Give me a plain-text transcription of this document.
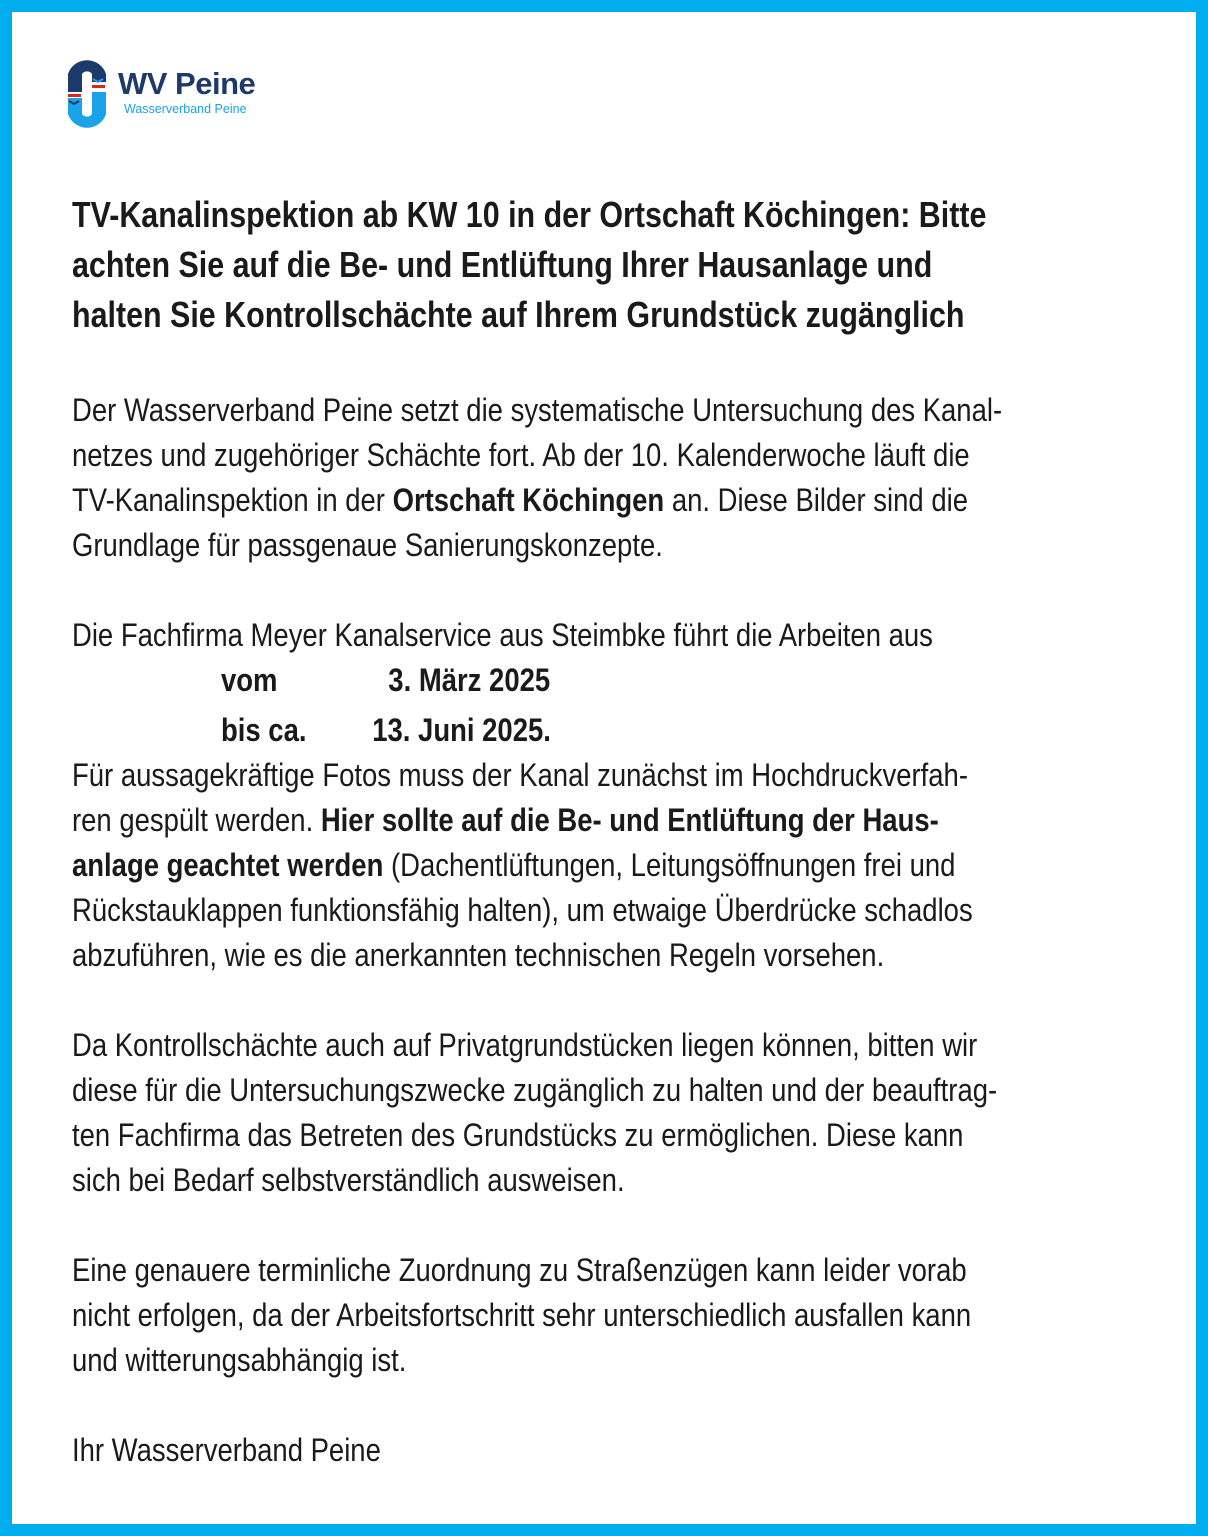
WV Peine
Wasserverband Peine
TV-Kanalinspektion ab KW 10 in der Ortschaft Köchingen: Bitte
achten Sie auf die Be- und Entlüftung Ihrer Hausanlage und
halten Sie Kontrollschächte auf Ihrem Grundstück zugänglich
Der Wasserverband Peine setzt die systematische Untersuchung des Kanal-
netzes und zugehöriger Schächte fort. Ab der 10. Kalenderwoche läuft die
TV-Kanalinspektion in der Ortschaft Köchingen an. Diese Bilder sind die
Grundlage für passgenaue Sanierungskonzepte.
Die Fachfirma Meyer Kanalservice aus Steimbke führt die Arbeiten aus
vom	3. März 2025
bis ca. 13. Juni 2025.
Für aussagekräftige Fotos muss der Kanal zunächst im Hochdruckverfah-
ren gespült werden. Hier sollte auf die Be- und Entlüftung der Haus-
anlage geachtet werden (Dachentlüftungen, Leitungsöffnungen frei und
Rückstauklappen funktionsfähig halten), um etwaige Überdrücke schadlos
abzuführen, wie es die anerkannten technischen Regeln vorsehen.
Da Kontrollschächte auch auf Privatgrundstücken liegen können, bitten wir
diese für die Untersuchungszwecke zugänglich zu halten und der beauftrag-
ten Fachfirma das Betreten des Grundstücks zu ermöglichen. Diese kann
sich bei Bedarf selbstverständlich ausweisen.
Eine genauere terminliche Zuordnung zu Straßenzügen kann leider vorab
nicht erfolgen, da der Arbeitsfortschritt sehr unterschiedlich ausfallen kann
und witterungsabhängig ist.
Ihr Wasserverband Peine
